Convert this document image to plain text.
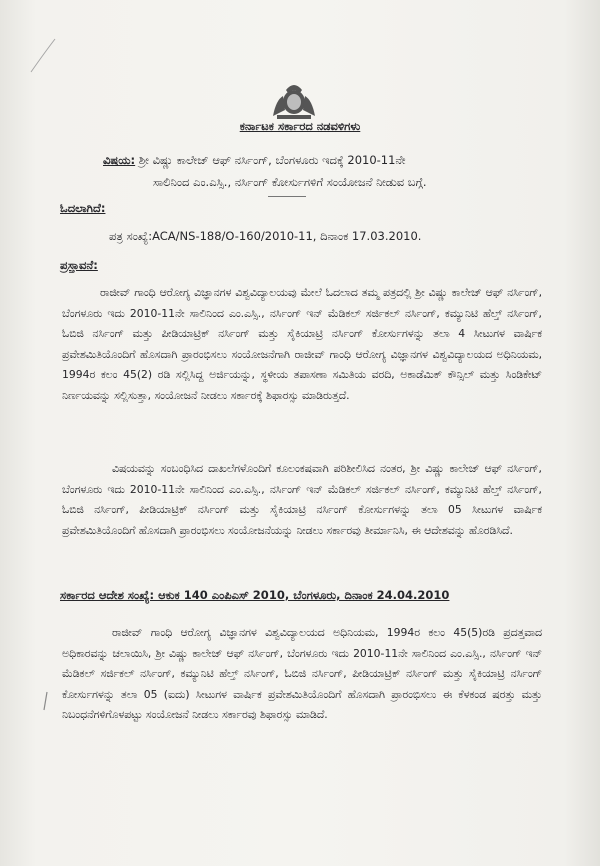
ಕರ್ನಾಟಕ ಸರ್ಕಾರದ ನಡವಳಿಗಳು
ವಿಷಯ: ಶ್ರೀ ವಿಷ್ಣು ಕಾಲೇಜ್ ಆಫ್ ನರ್ಸಿಂಗ್, ಬೆಂಗಳೂರು ಇದಕ್ಕೆ 2010-11ನೇ
ಸಾಲಿನಿಂದ ಎಂ.ಎಸ್ಸಿ., ನರ್ಸಿಂಗ್ ಕೋರ್ಸುಗಳಿಗೆ ಸಂಯೋಜನೆ ನೀಡುವ ಬಗ್ಗೆ.
ಓದಲಾಗಿದೆ:
ಪತ್ರ ಸಂಖ್ಯೆ:ACA/NS-188/O-160/2010-11, ದಿನಾಂಕ 17.03.2010.
ಪ್ರಸ್ತಾವನೆ:

ರಾಜೀವ್ ಗಾಂಧಿ ಆರೋಗ್ಯ ವಿಜ್ಞಾನಗಳ ವಿಶ್ವವಿದ್ಯಾಲಯವು ಮೇಲೆ ಓದಲಾದ ತಮ್ಮ ಪತ್ರದಲ್ಲಿ ಶ್ರೀ ವಿಷ್ಣು ಕಾಲೇಜ್ ಆಫ್ ನರ್ಸಿಂಗ್, ಬೆಂಗಳೂರು ಇದು 2010-11ನೇ ಸಾಲಿನಿಂದ ಎಂ.ಎಸ್ಸಿ., ನರ್ಸಿಂಗ್ ಇನ್ ಮೆಡಿಕಲ್ ಸರ್ಜಿಕಲ್ ನರ್ಸಿಂಗ್, ಕಮ್ಯುನಿಟಿ ಹೆಲ್ತ್ ನರ್ಸಿಂಗ್, ಓಬಿಜಿ ನರ್ಸಿಂಗ್ ಮತ್ತು ಪೀಡಿಯಾಟ್ರಿಕ್ ನರ್ಸಿಂಗ್ ಮತ್ತು ಸೈಕಿಯಾಟ್ರಿ ನರ್ಸಿಂಗ್ ಕೋರ್ಸುಗಳನ್ನು ತಲಾ 4 ಸೀಟುಗಳ ವಾರ್ಷಿಕ ಪ್ರವೇಶಮಿತಿಯೊಂದಿಗೆ ಹೊಸದಾಗಿ ಪ್ರಾರಂಭಿಸಲು ಸಂಯೋಜನೆಗಾಗಿ ರಾಜೀವ್ ಗಾಂಧಿ ಆರೋಗ್ಯ ವಿಜ್ಞಾನಗಳ ವಿಶ್ವವಿದ್ಯಾಲಯದ ಅಧಿನಿಯಮ, 1994ರ ಕಲಂ 45(2) ರಡಿ ಸಲ್ಲಿಸಿದ್ದ ಅರ್ಜಿಯನ್ನು, ಸ್ಥಳೀಯ ತಪಾಸಣಾ ಸಮಿತಿಯ ವರದಿ, ಅಕಾಡೆಮಿಕ್ ಕೌನ್ಸಿಲ್ ಮತ್ತು ಸಿಂಡಿಕೇಟ್ ನಿರ್ಣಯವನ್ನು ಸಲ್ಲಿಸುತ್ತಾ, ಸಂಯೋಜನೆ ನೀಡಲು ಸರ್ಕಾರಕ್ಕೆ ಶಿಫಾರಸ್ಸು ಮಾಡಿರುತ್ತದೆ.

ವಿಷಯವನ್ನು ಸಂಬಂಧಿಸಿದ ದಾಖಲೆಗಳೊಂದಿಗೆ ಕೂಲಂಕಷವಾಗಿ ಪರಿಶೀಲಿಸಿದ ನಂತರ, ಶ್ರೀ ವಿಷ್ಣು ಕಾಲೇಜ್ ಆಫ್ ನರ್ಸಿಂಗ್, ಬೆಂಗಳೂರು ಇದು 2010-11ನೇ ಸಾಲಿನಿಂದ ಎಂ.ಎಸ್ಸಿ., ನರ್ಸಿಂಗ್ ಇನ್ ಮೆಡಿಕಲ್ ಸರ್ಜಿಕಲ್ ನರ್ಸಿಂಗ್, ಕಮ್ಯುನಿಟಿ ಹೆಲ್ತ್ ನರ್ಸಿಂಗ್, ಓಬಿಜಿ ನರ್ಸಿಂಗ್, ಪೀಡಿಯಾಟ್ರಿಕ್ ನರ್ಸಿಂಗ್ ಮತ್ತು ಸೈಕಿಯಾಟ್ರಿ ನರ್ಸಿಂಗ್ ಕೋರ್ಸುಗಳನ್ನು ತಲಾ 05 ಸೀಟುಗಳ ವಾರ್ಷಿಕ ಪ್ರವೇಶಮಿತಿಯೊಂದಿಗೆ ಹೊಸದಾಗಿ ಪ್ರಾರಂಭಿಸಲು ಸಂಯೋಜನೆಯನ್ನು ನೀಡಲು ಸರ್ಕಾರವು ತೀರ್ಮಾನಿಸಿ, ಈ ಆದೇಶವನ್ನು ಹೊರಡಿಸಿದೆ.

ಸರ್ಕಾರದ ಆದೇಶ ಸಂಖ್ಯೆ: ಆಕುಕ 140 ಎಂಪಿಎಸ್ 2010, ಬೆಂಗಳೂರು, ದಿನಾಂಕ 24.04.2010

ರಾಜೀವ್ ಗಾಂಧಿ ಆರೋಗ್ಯ ವಿಜ್ಞಾನಗಳ ವಿಶ್ವವಿದ್ಯಾಲಯದ ಅಧಿನಿಯಮ, 1994ರ ಕಲಂ 45(5)ರಡಿ ಪ್ರದತ್ತವಾದ ಅಧಿಕಾರವನ್ನು ಚಲಾಯಿಸಿ, ಶ್ರೀ ವಿಷ್ಣು ಕಾಲೇಜ್ ಆಫ್ ನರ್ಸಿಂಗ್, ಬೆಂಗಳೂರು ಇದು 2010-11ನೇ ಸಾಲಿನಿಂದ ಎಂ.ಎಸ್ಸಿ., ನರ್ಸಿಂಗ್ ಇನ್ ಮೆಡಿಕಲ್ ಸರ್ಜಿಕಲ್ ನರ್ಸಿಂಗ್, ಕಮ್ಯುನಿಟಿ ಹೆಲ್ತ್ ನರ್ಸಿಂಗ್, ಓಬಿಜಿ ನರ್ಸಿಂಗ್, ಪೀಡಿಯಾಟ್ರಿಕ್ ನರ್ಸಿಂಗ್ ಮತ್ತು ಸೈಕಿಯಾಟ್ರಿ ನರ್ಸಿಂಗ್ ಕೋರ್ಸುಗಳನ್ನು ತಲಾ 05 (ಐದು) ಸೀಟುಗಳ ವಾರ್ಷಿಕ ಪ್ರವೇಶಮಿತಿಯೊಂದಿಗೆ ಹೊಸದಾಗಿ ಪ್ರಾರಂಭಿಸಲು ಈ ಕೆಳಕಂಡ ಷರತ್ತು ಮತ್ತು ನಿಬಂಧನೆಗಳಿಗೊಳಪಟ್ಟು ಸಂಯೋಜನೆ ನೀಡಲು ಸರ್ಕಾರವು ಶಿಫಾರಸ್ಸು ಮಾಡಿದೆ.
